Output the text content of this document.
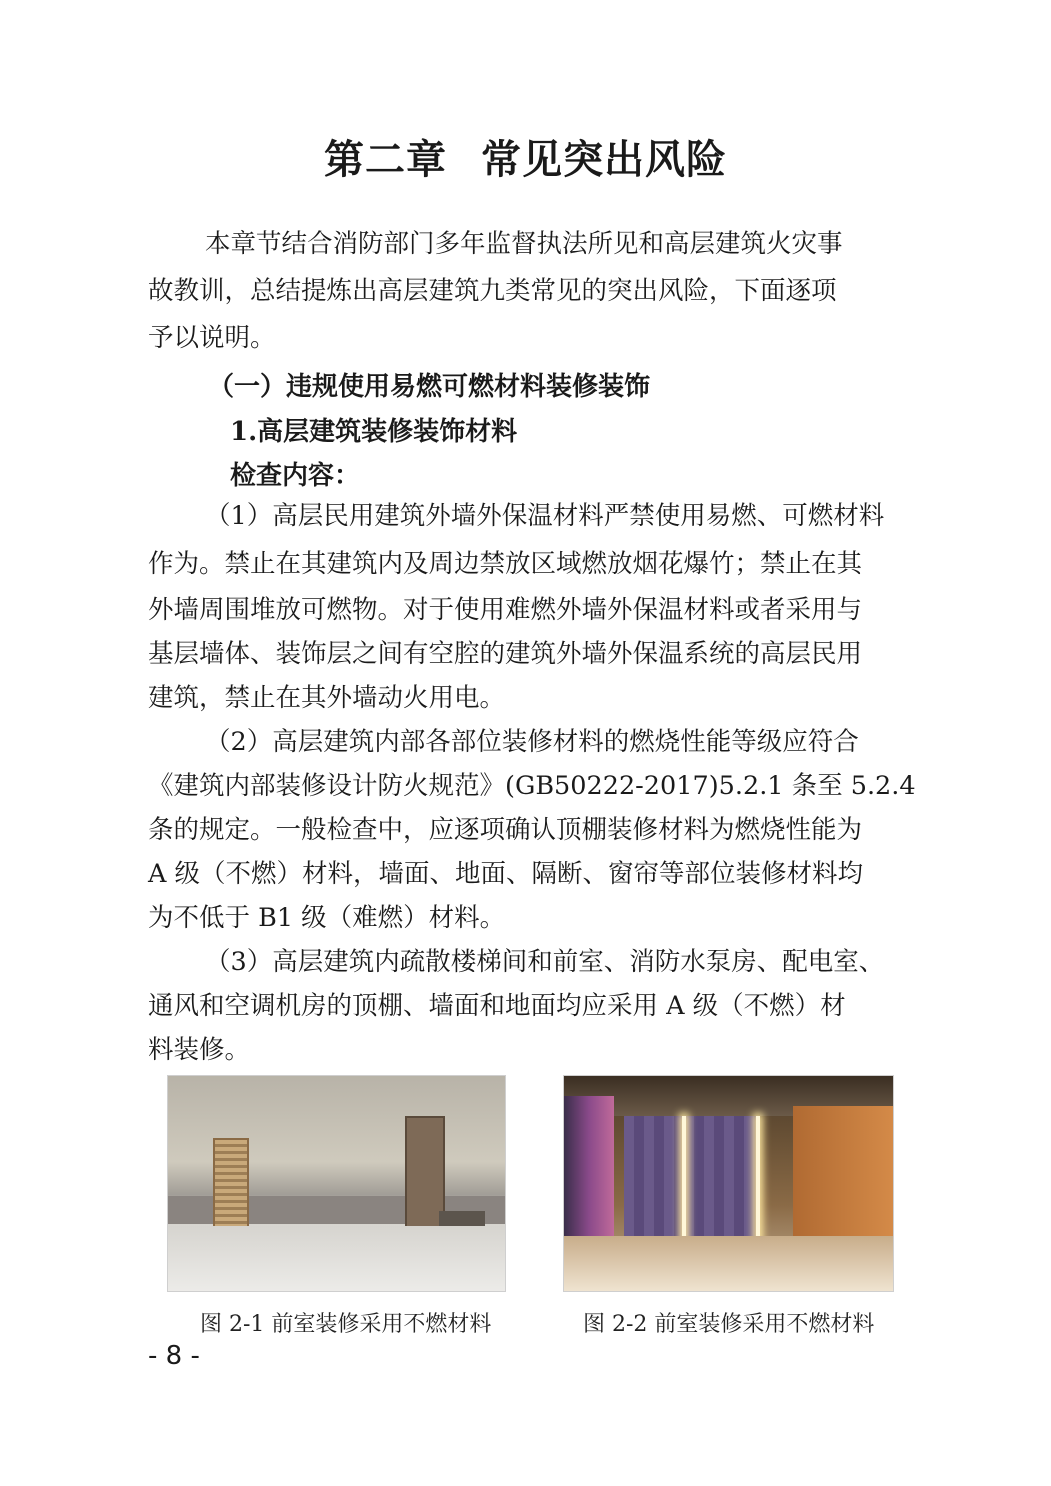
第二章 常见突出风险

本章节结合消防部门多年监督执法所见和高层建筑火灾事

故教训，总结提炼出高层建筑九类常见的突出风险，下面逐项

予以说明。

（一）违规使用易燃可燃材料装修装饰
1.高层建筑装修装饰材料
检查内容：

（1）高层民用建筑外墙外保温材料严禁使用易燃、可燃材料

作为。禁止在其建筑内及周边禁放区域燃放烟花爆竹；禁止在其

外墙周围堆放可燃物。对于使用难燃外墙外保温材料或者采用与

基层墙体、装饰层之间有空腔的建筑外墙外保温系统的高层民用

建筑，禁止在其外墙动火用电。

（2）高层建筑内部各部位装修材料的燃烧性能等级应符合

《建筑内部装修设计防火规范》(GB50222-2017)5.2.1 条至 5.2.4

条的规定。一般检查中，应逐项确认顶棚装修材料为燃烧性能为

A 级（不燃）材料，墙面、地面、隔断、窗帘等部位装修材料均

为不低于 B1 级（难燃）材料。

（3）高层建筑内疏散楼梯间和前室、消防水泵房、配电室、

通风和空调机房的顶棚、墙面和地面均应采用 A 级（不燃）材

料装修。

图 2-1 前室装修采用不燃材料	图 2-2 前室装修采用不燃材料

- 8 -
